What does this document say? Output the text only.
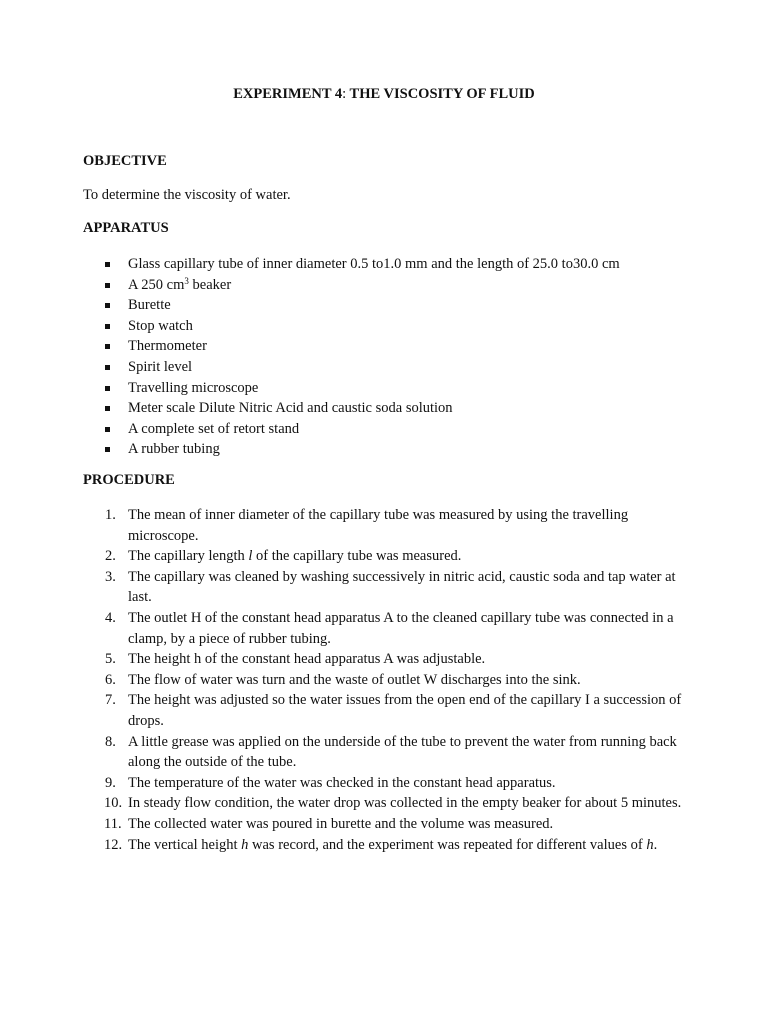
EXPERIMENT 4: THE VISCOSITY OF FLUID
OBJECTIVE

To determine the viscosity of water.

APPARATUS
Glass capillary tube of inner diameter 0.5 to1.0 mm and the length of 25.0 to30.0 cm
A 250 $cm^3$ beaker
Burette
Stop watch
Thermometer
Spirit level
Travelling microscope
Meter scale Dilute Nitric Acid and caustic soda solution
A complete set of retort stand
A rubber tubing
PROCEDURE
1. The mean of inner diameter of the capillary tube was measured by using the travelling microscope.
2. The capillary length l of the capillary tube was measured.
3. The capillary was cleaned by washing successively in nitric acid, caustic soda and tap water at last.
4. The outlet H of the constant head apparatus A to the cleaned capillary tube was connected in a clamp, by a piece of rubber tubing.
5. The height h of the constant head apparatus A was adjustable.
6. The flow of water was turn and the waste of outlet W discharges into the sink.
7. The height was adjusted so the water issues from the open end of the capillary I a succession of drops.
8. A little grease was applied on the underside of the tube to prevent the water from running back along the outside of the tube.
9. The temperature of the water was checked in the constant head apparatus.
10. In steady flow condition, the water drop was collected in the empty beaker for about 5 minutes.
11. The collected water was poured in burette and the volume was measured.
12. The vertical height h was record, and the experiment was repeated for different values of h.
